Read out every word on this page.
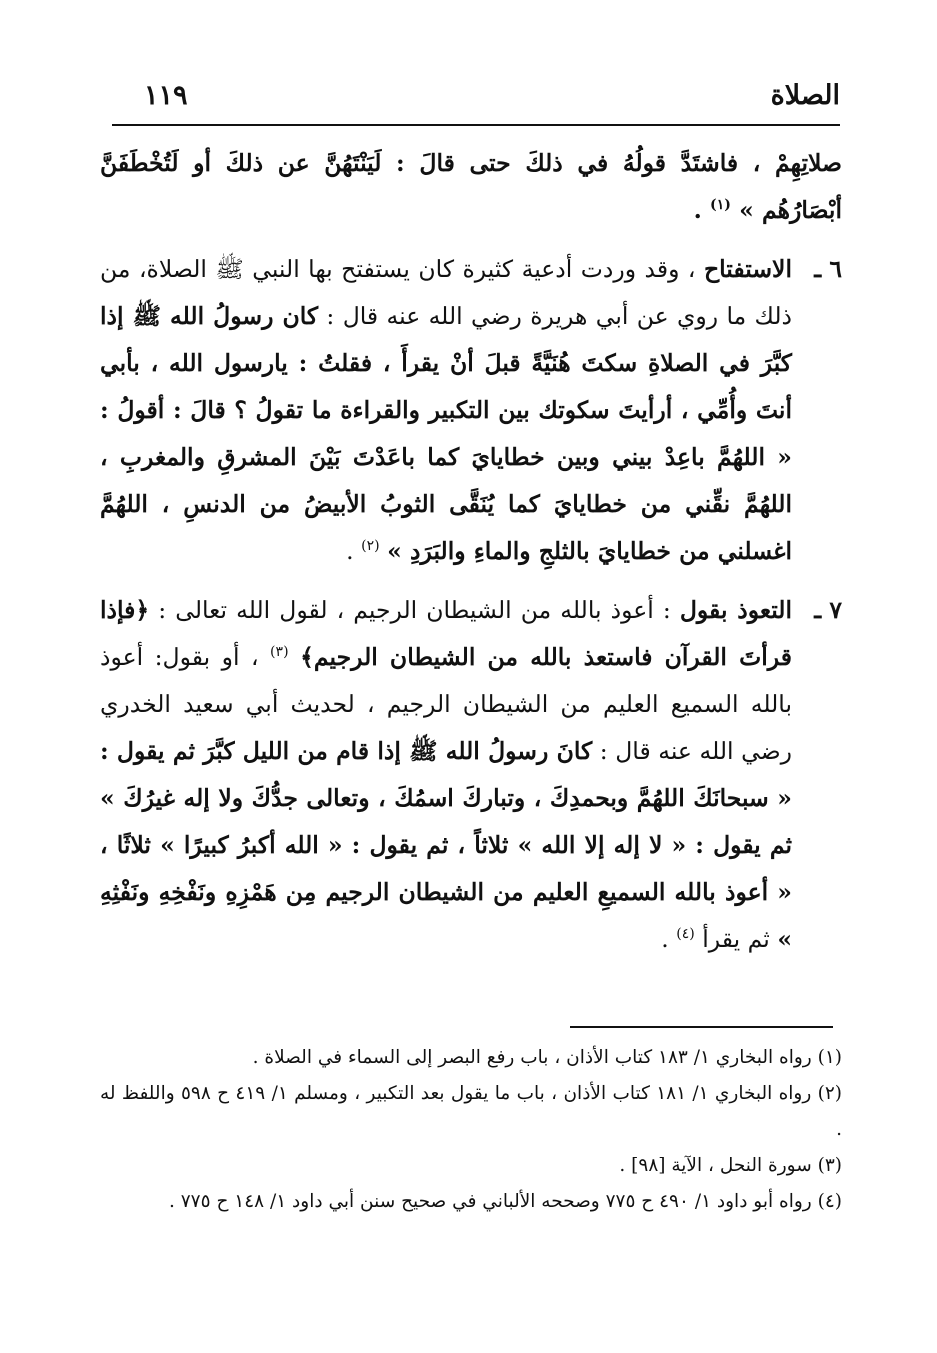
الصلاة
١١٩

صلاتِهِمْ ، فاشتَدَّ قولُهُ في ذلكَ حتى قالَ : لَيَنْتَهُنَّ عن ذلكَ أو لَتُخْطَفَنَّ أبْصَارُهُم » $^{(١)}$ .

٦ ـ
الاستفتاح ، وقد وردت أدعية كثيرة كان يستفتح بها النبي ﷺ الصلاة، من ذلك ما روي عن أبي هريرة رضي الله عنه قال : كان رسولُ الله ﷺ إذا كبَّرَ في الصلاةِ سكتَ هُنَيَّةً قبلَ أنْ يقرأَ ، فقلتُ : يارسول الله ، بأبي أنتَ وأُمِّي ، أرأيتَ سكوتك بين التكبير والقراءة ما تقولُ ؟ قالَ : أقولُ : « اللهُمَّ باعِدْ بيني وبين خطايايَ كما باعَدْتَ بَيْنَ المشرقِ والمغربِ ، اللهُمَّ نقِّني من خطايايَ كما يُنَقَّى الثوبُ الأبيضُ من الدنسِ ، اللهُمَّ اغسلني من خطايايَ بالثلجِ والماءِ والبَرَدِ » $^{(٢)}$ .
٧ ـ
التعوذ بقول : أعوذ بالله من الشيطان الرجيم ، لقول الله تعالى : ﴿فإذا قرأتَ القرآن فاستعذ بالله من الشيطان الرجيم﴾ $^{(٣)}$ ، أو بقول: أعوذ بالله السميع العليم من الشيطان الرجيم ، لحديث أبي سعيد الخدري رضي الله عنه قال : كانَ رسولُ الله ﷺ إذا قام من الليل كبَّرَ ثم يقول : « سبحانَكَ اللهُمَّ وبحمدِكَ ، وتباركَ اسمُكَ ، وتعالى جدُّكَ ولا إله غيرُكَ » ثم يقول : « لا إله إلا الله » ثلاثاً ، ثم يقول : « الله أكبرُ كبيرًا » ثلاثًا ، « أعوذ بالله السميعِ العليم من الشيطان الرجيم مِن هَمْزِهِ ونَفْخِهِ ونَفْثِهِ » ثم يقرأ $^{(٤)}$ .

(١) رواه البخاري ١/ ١٨٣ كتاب الأذان ، باب رفع البصر إلى السماء في الصلاة .

(٢) رواه البخاري ١/ ١٨١ كتاب الأذان ، باب ما يقول بعد التكبير ، ومسلم ١/ ٤١٩ ح ٥٩٨ واللفظ له .

(٣) سورة النحل ، الآية [٩٨] .

(٤) رواه أبو داود ١/ ٤٩٠ ح ٧٧٥ وصححه الألباني في صحيح سنن أبي داود ١/ ١٤٨ ح ٧٧٥ .
